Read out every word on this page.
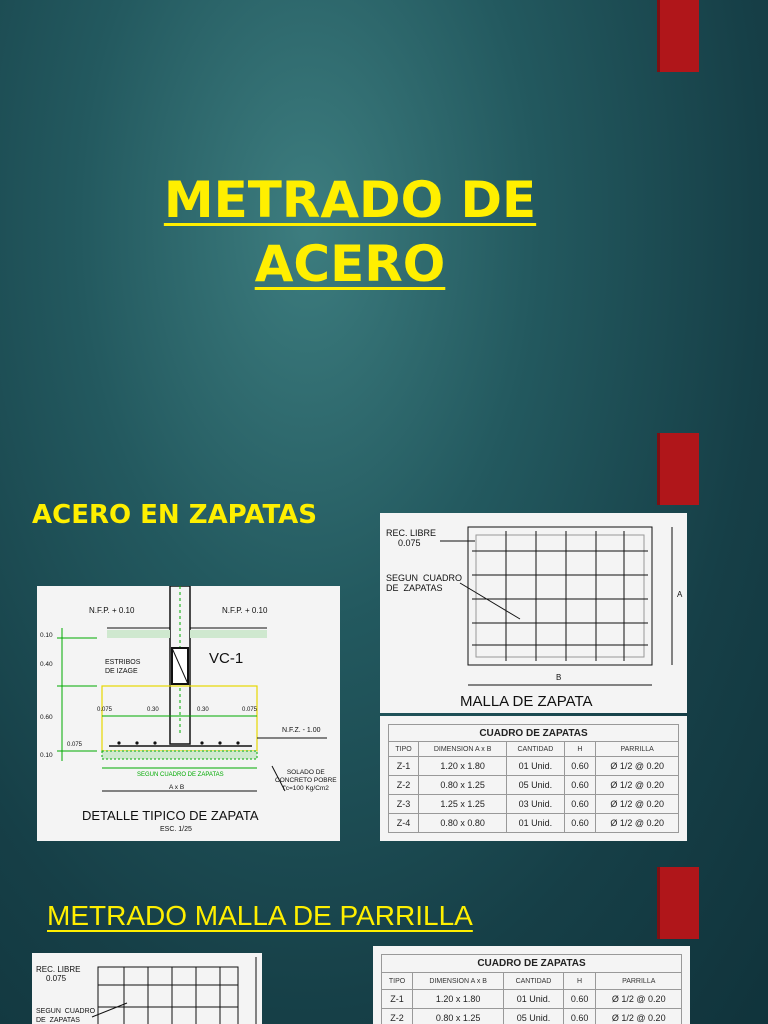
METRADO DE
ACERO
ACERO EN ZAPATAS
N.F.P. + 0.10	N.F.P. + 0.10
VC-1
ESTRIBOS
DE IZAGE
N.F.Z. - 1.00
SOLADO DE
CONCRETO POBRE
f'c=100 Kg/Cm2
SEGUN CUADRO DE ZAPATAS
A x B
0.10
0.40
0.60
0.10
0.075	0.30	0.30	0.075
0.075
DETALLE TIPICO DE ZAPATA
ESC. 1/25
REC. LIBRE
0.075
SEGUN  CUADRO
DE  ZAPATAS
A
B
MALLA DE ZAPATA
CUADRO DE ZAPATAS				
TIPO	DIMENSION A x B	CANTIDAD	H	PARRILLA
Z-1	1.20 x 1.80	01 Unid.	0.60	Ø 1/2 @ 0.20
Z-2	0.80 x 1.25	05 Unid.	0.60	Ø 1/2 @ 0.20
Z-3	1.25 x 1.25	03 Unid.	0.60	Ø 1/2 @ 0.20
Z-4	0.80 x 0.80	01 Unid.	0.60	Ø 1/2 @ 0.20
METRADO MALLA DE PARRILLA
REC. LIBRE
0.075
SEGUN  CUADRO
DE  ZAPATAS
CUADRO DE ZAPATAS				
TIPO	DIMENSION A x B	CANTIDAD	H	PARRILLA
Z-1	1.20 x 1.80	01 Unid.	0.60	Ø 1/2 @ 0.20
Z-2	0.80 x 1.25	05 Unid.	0.60	Ø 1/2 @ 0.20
